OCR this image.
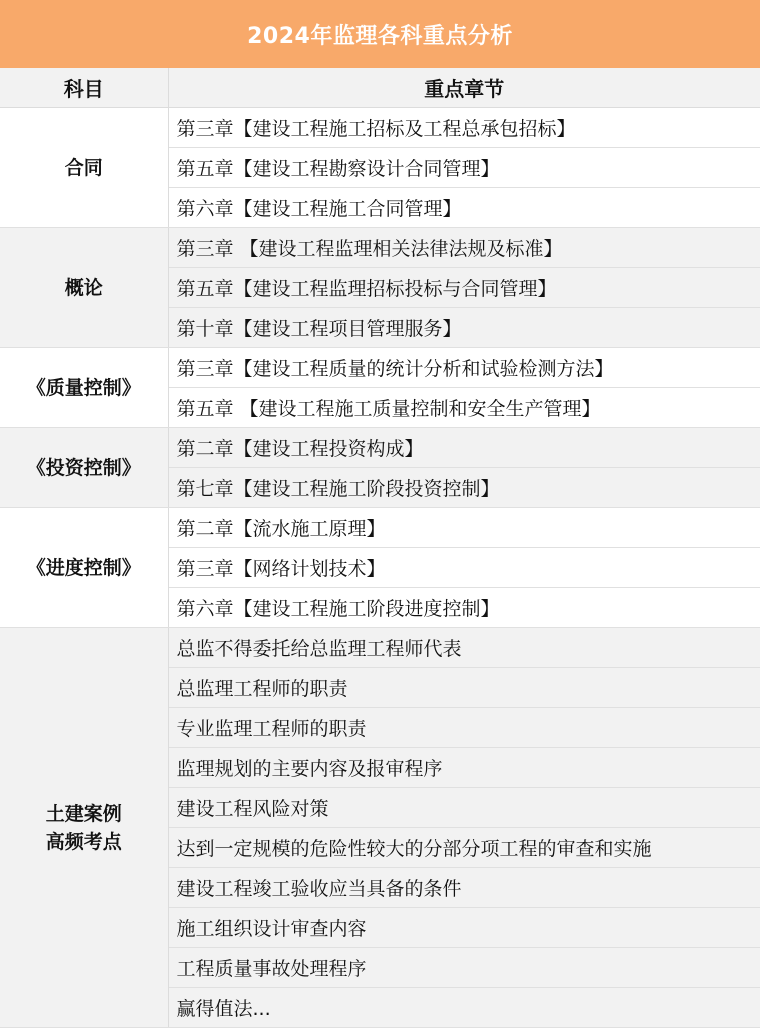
2024年监理各科重点分析
科目	重点章节

合同	第三章【建设工程施工招标及工程总承包招标】
	第五章【建设工程勘察设计合同管理】
	第六章【建设工程施工合同管理】

概论	第三章 【建设工程监理相关法律法规及标准】
	第五章【建设工程监理招标投标与合同管理】
	第十章【建设工程项目管理服务】

《质量控制》	第三章【建设工程质量的统计分析和试验检测方法】
	第五章 【建设工程施工质量控制和安全生产管理】

《投资控制》	第二章【建设工程投资构成】
	第七章【建设工程施工阶段投资控制】

《进度控制》	第二章【流水施工原理】
	第三章【网络计划技术】
	第六章【建设工程施工阶段进度控制】

土建案例
高频考点	总监不得委托给总监理工程师代表
	总监理工程师的职责
	专业监理工程师的职责
	监理规划的主要内容及报审程序
	建设工程风险对策
	达到一定规模的危险性较大的分部分项工程的审查和实施
	建设工程竣工验收应当具备的条件
	施工组织设计审查内容
	工程质量事故处理程序
	赢得值法...
